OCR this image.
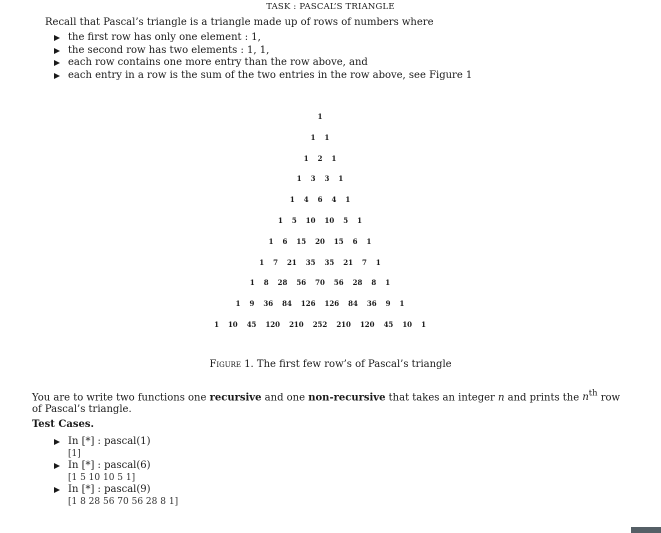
TASK : PASCAL’S TRIANGLE
Recall that Pascal’s triangle is a triangle made up of rows of numbers where
the first row has only one element : 1,
the second row has two elements : 1, 1,
each row contains one more entry than the row above, and
each entry in a row is the sum of the two entries in the row above, see Figure 1
1
1 1
1 2 1
1 3 3 1
1 4 6 4 1
1 5 10 10 5 1
1 6 15 20 15 6 1
1 7 21 35 35 21 7 1
1 8 28 56 70 56 28 8 1
1 9 36 84 126 126 84 36 9 1
1 10 45 120 210 252 210 120 45 10 1
Figure 1. The first few row’s of Pascal’s triangle
You are to write two functions one recursive and one non-recursive that takes an integer n and prints the $n^{th}$ row
of Pascal’s triangle.
Test Cases.
In [*] : pascal(1)
[1]
In [*] : pascal(6)
[1 5 10 10 5 1]
In [*] : pascal(9)
[1 8 28 56 70 56 28 8 1]
